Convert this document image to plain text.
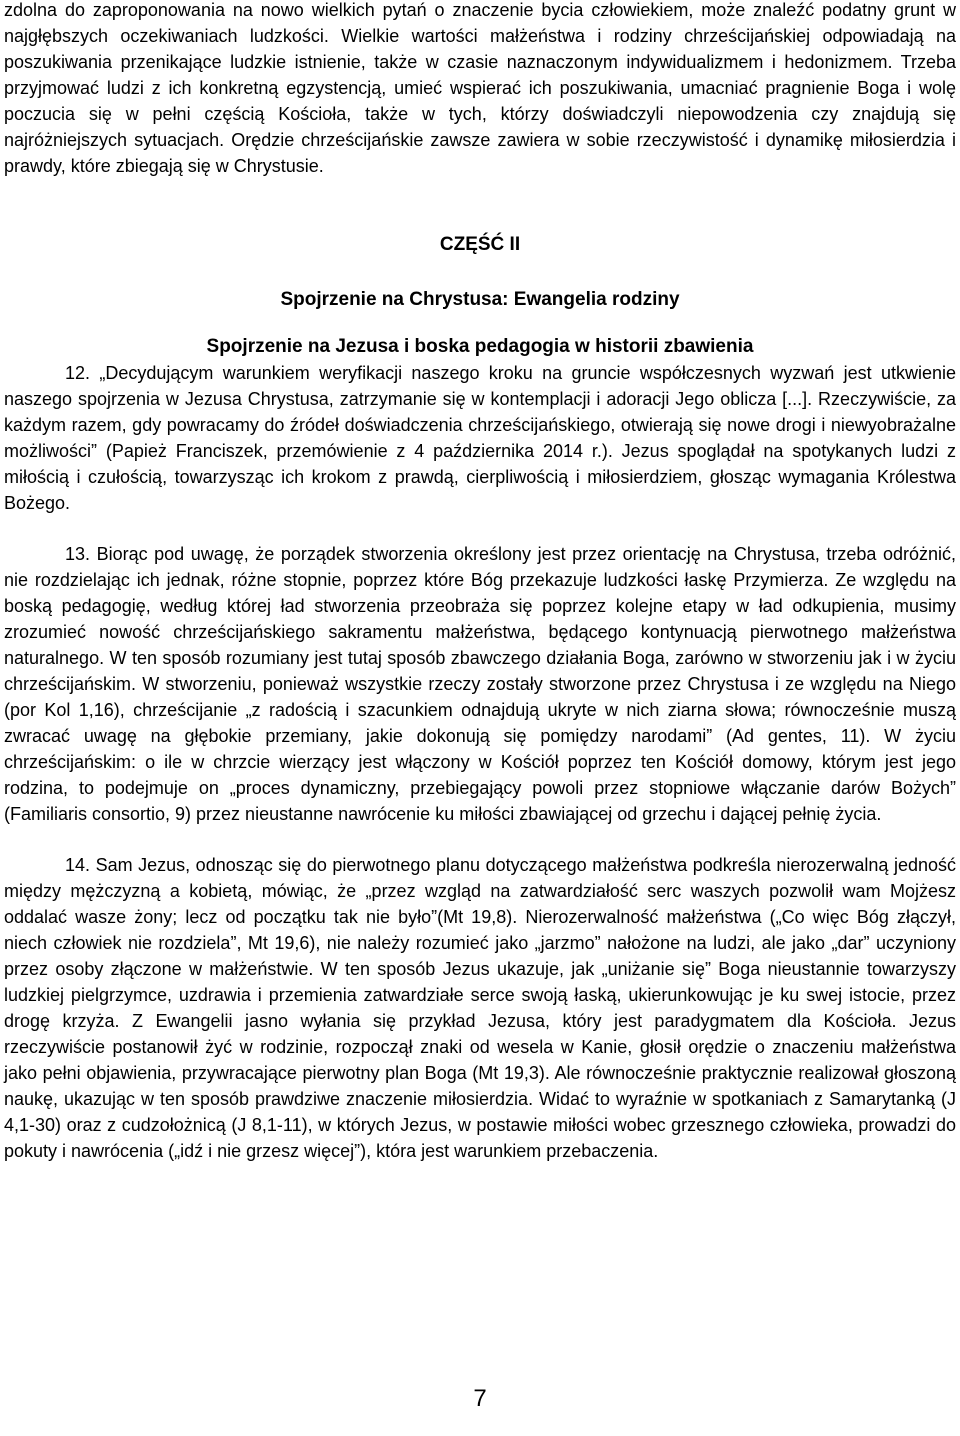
zdolna do zaproponowania na nowo wielkich pytań o znaczenie bycia człowiekiem, może znaleźć podatny grunt w najgłębszych oczekiwaniach ludzkości. Wielkie wartości małżeństwa i rodziny chrześcijańskiej odpowiadają na poszukiwania przenikające ludzkie istnienie, także w czasie naznaczonym indywidualizmem i hedonizmem. Trzeba przyjmować ludzi z ich konkretną egzystencją, umieć wspierać ich poszukiwania, umacniać pragnienie Boga i wolę poczucia się w pełni częścią Kościoła, także w tych, którzy doświadczyli niepowodzenia czy znajdują się najróżniejszych sytuacjach. Orędzie chrześcijańskie zawsze zawiera w sobie rzeczywistość i dynamikę miłosierdzia i prawdy, które zbiegają się w Chrystusie.

CZĘŚĆ II
Spojrzenie na Chrystusa: Ewangelia rodziny
Spojrzenie na Jezusa i boska pedagogia w historii zbawienia

12. „Decydującym warunkiem weryfikacji naszego kroku na gruncie współczesnych wyzwań jest utkwienie naszego spojrzenia w Jezusa Chrystusa, zatrzymanie się w kontemplacji i adoracji Jego oblicza [...]. Rzeczywiście, za każdym razem, gdy powracamy do źródeł doświadczenia chrześcijańskiego, otwierają się nowe drogi i niewyobrażalne możliwości” (Papież Franciszek, przemówienie z 4 października 2014 r.). Jezus spoglądał na spotykanych ludzi z miłością i czułością, towarzysząc ich krokom z prawdą, cierpliwością i miłosierdziem, głosząc wymagania Królestwa Bożego.

13. Biorąc pod uwagę, że porządek stworzenia określony jest przez orientację na Chrystusa, trzeba odróżnić, nie rozdzielając ich jednak, różne stopnie, poprzez które Bóg przekazuje ludzkości łaskę Przymierza. Ze względu na boską pedagogię, według której ład stworzenia przeobraża się poprzez kolejne etapy w ład odkupienia, musimy zrozumieć nowość chrześcijańskiego sakramentu małżeństwa, będącego kontynuacją pierwotnego małżeństwa naturalnego. W ten sposób rozumiany jest tutaj sposób zbawczego działania Boga, zarówno w stworzeniu jak i w życiu chrześcijańskim. W stworzeniu, ponieważ wszystkie rzeczy zostały stworzone przez Chrystusa i ze względu na Niego (por Kol 1,16), chrześcijanie „z radością i szacunkiem odnajdują ukryte w nich ziarna słowa; równocześnie muszą zwracać uwagę na głębokie przemiany, jakie dokonują się pomiędzy narodami” (Ad gentes, 11). W życiu chrześcijańskim: o ile w chrzcie wierzący jest włączony w Kościół poprzez ten Kościół domowy, którym jest jego rodzina, to podejmuje on „proces dynamiczny, przebiegający powoli przez stopniowe włączanie darów Bożych” (Familiaris consortio, 9) przez nieustanne nawrócenie ku miłości zbawiającej od grzechu i dającej pełnię życia.

14. Sam Jezus, odnosząc się do pierwotnego planu dotyczącego małżeństwa podkreśla nierozerwalną jedność między mężczyzną a kobietą, mówiąc, że „przez wzgląd na zatwardziałość serc waszych pozwolił wam Mojżesz oddalać wasze żony; lecz od początku tak nie było”(Mt 19,8). Nierozerwalność małżeństwa („Co więc Bóg złączył, niech człowiek nie rozdziela”, Mt 19,6), nie należy rozumieć jako „jarzmo” nałożone na ludzi, ale jako „dar” uczyniony przez osoby złączone w małżeństwie. W ten sposób Jezus ukazuje, jak „uniżanie się” Boga nieustannie towarzyszy ludzkiej pielgrzymce, uzdrawia i przemienia zatwardziałe serce swoją łaską, ukierunkowując je ku swej istocie, przez drogę krzyża. Z Ewangelii jasno wyłania się przykład Jezusa, który jest paradygmatem dla Kościoła. Jezus rzeczywiście postanowił żyć w rodzinie, rozpoczął znaki od wesela w Kanie, głosił orędzie o znaczeniu małżeństwa jako pełni objawienia, przywracające pierwotny plan Boga (Mt 19,3). Ale równocześnie praktycznie realizował głoszoną naukę, ukazując w ten sposób prawdziwe znaczenie miłosierdzia. Widać to wyraźnie w spotkaniach z Samarytanką (J 4,1-30) oraz z cudzołożnicą (J 8,1-11), w których Jezus, w postawie miłości wobec grzesznego człowieka, prowadzi do pokuty i nawrócenia („idź i nie grzesz więcej”), która jest warunkiem przebaczenia.

7
